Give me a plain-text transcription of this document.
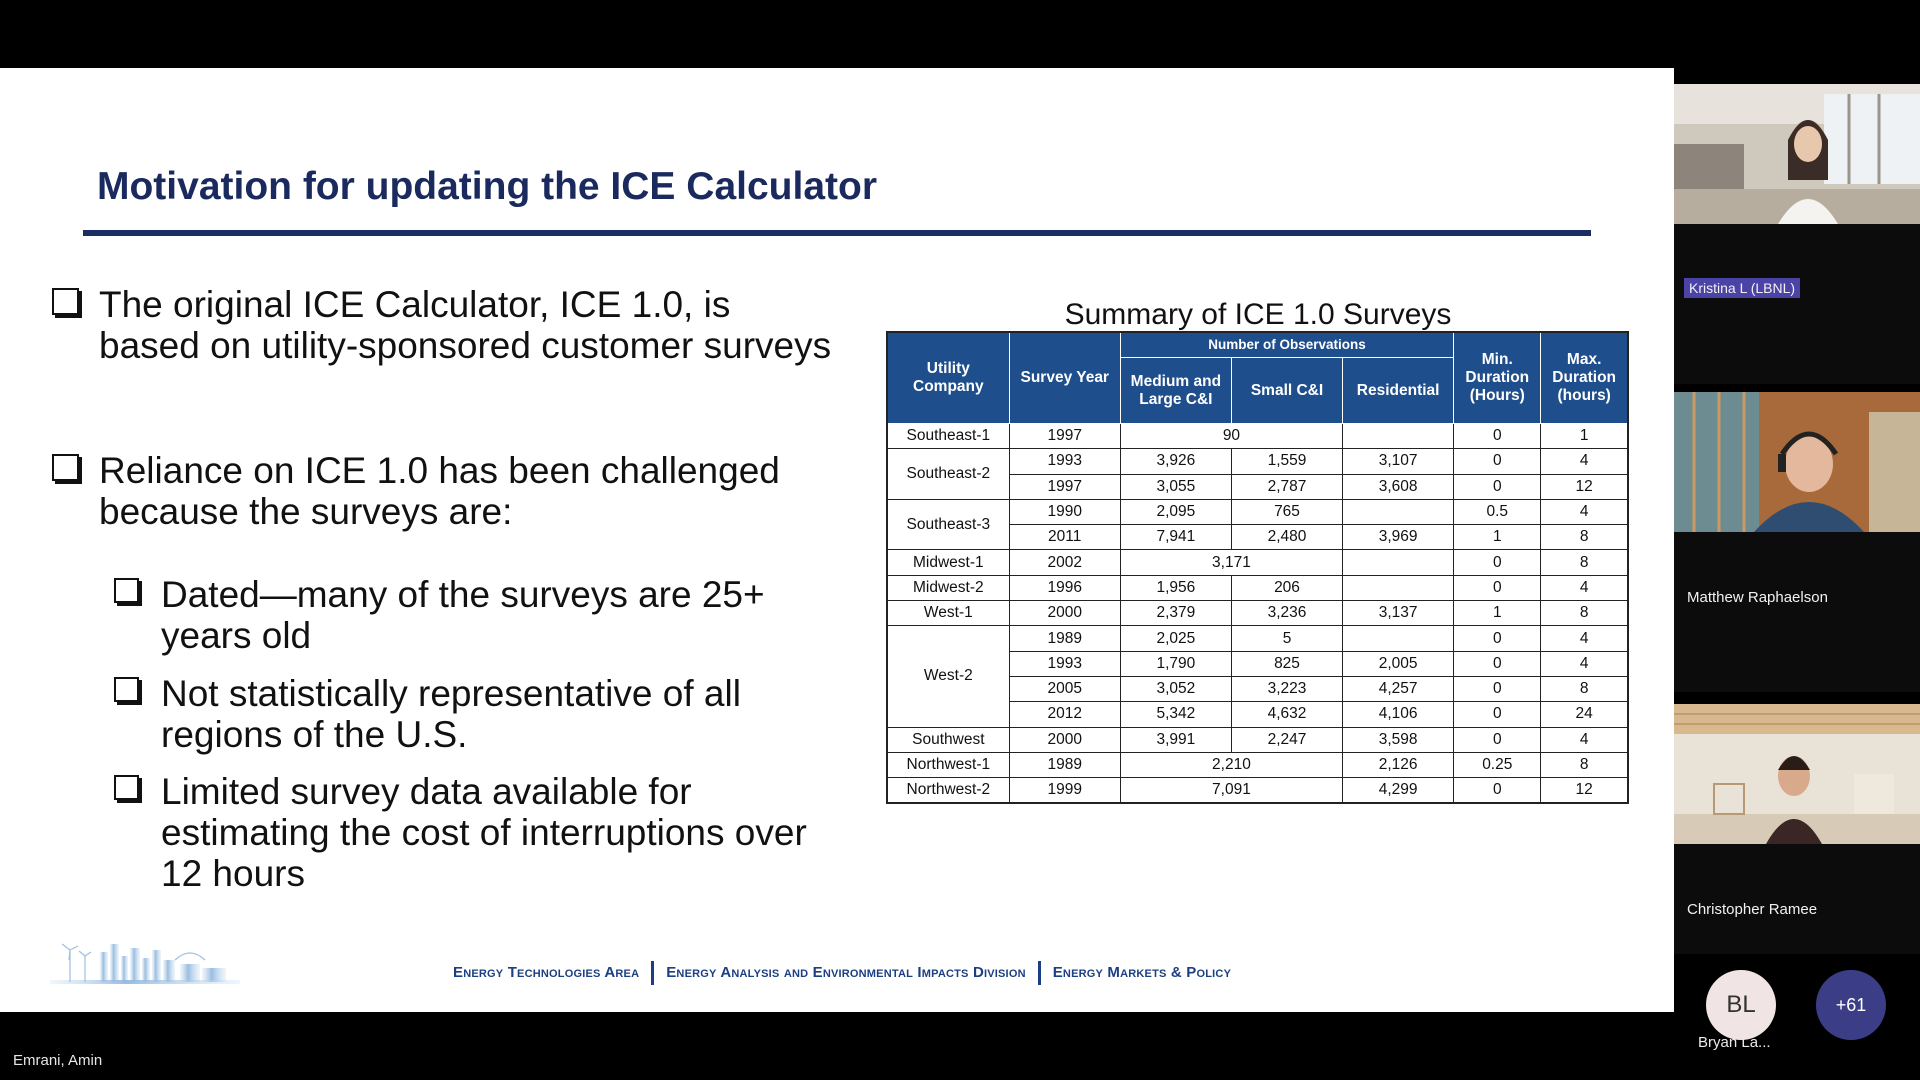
Motivation for updating the ICE Calculator
The original ICE Calculator, ICE 1.0, is based on utility-sponsored customer surveys
Reliance on ICE 1.0 has been challenged because the surveys are:
Dated—many of the surveys are 25+ years old
Not statistically representative of all regions of the U.S.
Limited survey data available for estimating the cost of interruptions over 12 hours
Summary of ICE 1.0 Surveys
Utility Company	Survey Year	Number of Observations			Min. Duration (Hours)	Max. Duration (hours)
		Medium and Large C&I	Small C&I	Residential		
Southeast-1	1997	90			0	1
Southeast-2	1993	3,926	1,559	3,107	0	4
	1997	3,055	2,787	3,608	0	12
Southeast-3	1990	2,095	765		0.5	4
	2011	7,941	2,480	3,969	1	8
Midwest-1	2002	3,171			0	8
Midwest-2	1996	1,956	206		0	4
West-1	2000	2,379	3,236	3,137	1	8
West-2	1989	2,025	5		0	4
	1993	1,790	825	2,005	0	4
	2005	3,052	3,223	4,257	0	8
	2012	5,342	4,632	4,106	0	24
Southwest	2000	3,991	2,247	3,598	0	4
Northwest-1	1989	2,210		2,126	0.25	8
Northwest-2	1999	7,091		4,299	0	12
Energy Technologies Area Energy Analysis and Environmental Impacts Division Energy Markets & Policy
Emrani, Amin
Kristina L (LBNL)
Matthew Raphaelson
Christopher Ramee
BL
Bryan La...
+61
